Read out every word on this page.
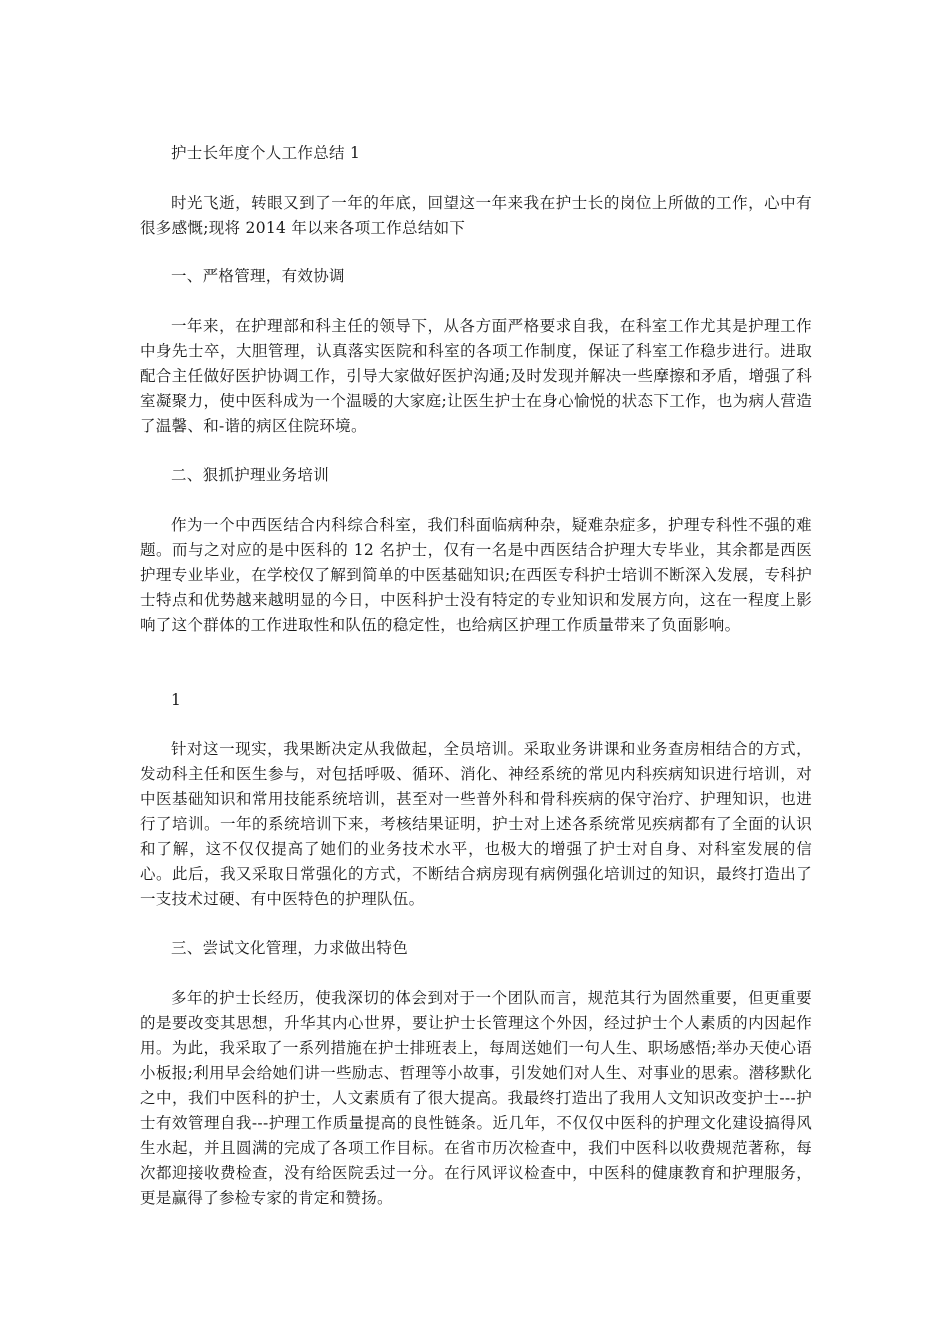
护士长年度个人工作总结 1

时光飞逝，转眼又到了一年的年底，回望这一年来我在护士长的岗位上所做的工作，心中有很多感慨;现将 2014 年以来各项工作总结如下

一、严格管理，有效协调

一年来，在护理部和科主任的领导下，从各方面严格要求自我，在科室工作尤其是护理工作中身先士卒，大胆管理，认真落实医院和科室的各项工作制度，保证了科室工作稳步进行。进取配合主任做好医护协调工作，引导大家做好医护沟通;及时发现并解决一些摩擦和矛盾，增强了科室凝聚力，使中医科成为一个温暖的大家庭;让医生护士在身心愉悦的状态下工作，也为病人营造了温馨、和-谐的病区住院环境。

二、狠抓护理业务培训

作为一个中西医结合内科综合科室，我们科面临病种杂，疑难杂症多，护理专科性不强的难题。而与之对应的是中医科的 12 名护士，仅有一名是中西医结合护理大专毕业，其余都是西医护理专业毕业，在学校仅了解到简单的中医基础知识;在西医专科护士培训不断深入发展，专科护士特点和优势越来越明显的今日，中医科护士没有特定的专业知识和发展方向，这在一程度上影响了这个群体的工作进取性和队伍的稳定性，也给病区护理工作质量带来了负面影响。

1

针对这一现实，我果断决定从我做起，全员培训。采取业务讲课和业务查房相结合的方式，发动科主任和医生参与，对包括呼吸、循环、消化、神经系统的常见内科疾病知识进行培训，对中医基础知识和常用技能系统培训，甚至对一些普外科和骨科疾病的保守治疗、护理知识，也进行了培训。一年的系统培训下来，考核结果证明，护士对上述各系统常见疾病都有了全面的认识和了解，这不仅仅提高了她们的业务技术水平，也极大的增强了护士对自身、对科室发展的信心。此后，我又采取日常强化的方式，不断结合病房现有病例强化培训过的知识，最终打造出了一支技术过硬、有中医特色的护理队伍。

三、尝试文化管理，力求做出特色

多年的护士长经历，使我深切的体会到对于一个团队而言，规范其行为固然重要，但更重要的是要改变其思想，升华其内心世界，要让护士长管理这个外因，经过护士个人素质的内因起作用。为此，我采取了一系列措施在护士排班表上，每周送她们一句人生、职场感悟;举办天使心语小板报;利用早会给她们讲一些励志、哲理等小故事，引发她们对人生、对事业的思索。潜移默化之中，我们中医科的护士，人文素质有了很大提高。我最终打造出了我用人文知识改变护士---护士有效管理自我---护理工作质量提高的良性链条。近几年，不仅仅中医科的护理文化建设搞得风生水起，并且圆满的完成了各项工作目标。在省市历次检查中，我们中医科以收费规范著称，每次都迎接收费检查，没有给医院丢过一分。在行风评议检查中，中医科的健康教育和护理服务，更是赢得了参检专家的肯定和赞扬。
